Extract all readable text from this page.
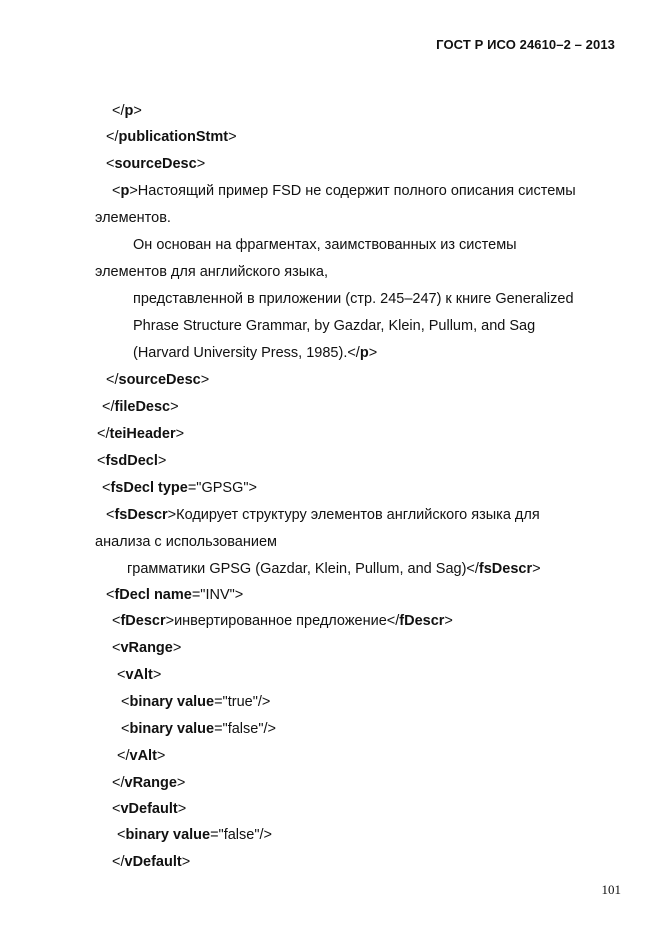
ГОСТ Р ИСО 24610–2 – 2013
</p>
</publicationStmt>
<sourceDesc>
<p>Настоящий пример FSD не содержит полного описания системы
элементов.
Он основан на фрагментах, заимствованных из системы
элементов для английского языка,
представленной в приложении (стр. 245–247) к книге Generalized
Phrase Structure Grammar, by Gazdar, Klein, Pullum, and Sag
(Harvard University Press, 1985).</p>
</sourceDesc>
</fileDesc>
</teiHeader>
<fsdDecl>
<fsDecl type="GPSG">
<fsDescr>Кодирует структуру элементов английского языка для
анализа с использованием
грамматики GPSG (Gazdar, Klein, Pullum, and Sag)</fsDescr>
<fDecl name="INV">
<fDescr>инвертированное предложение</fDescr>
<vRange>
<vAlt>
<binary value="true"/>
<binary value="false"/>
</vAlt>
</vRange>
<vDefault>
<binary value="false"/>
</vDefault>
101
